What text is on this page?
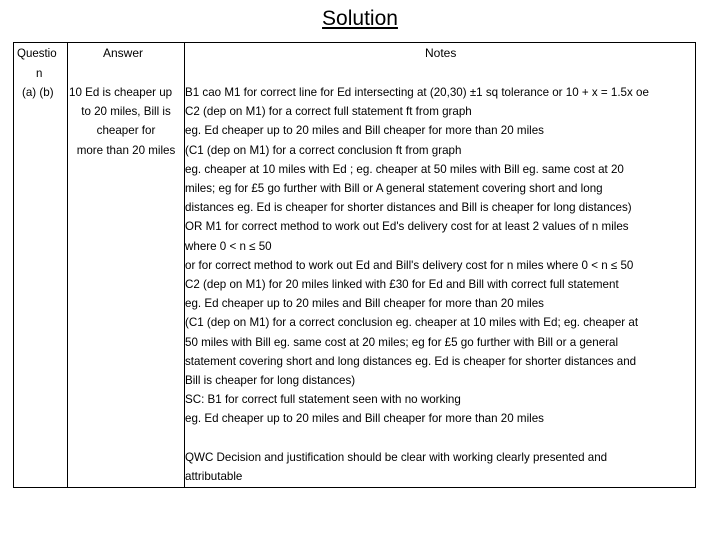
Solution
Questio
n
Answer	Notes
(a) (b) 10 Ed is cheaper up
to 20 miles, Bill is
cheaper for
more than 20 miles
B1 cao M1 for correct line for Ed intersecting at (20,30) ±1 sq tolerance or 10 + x = 1.5x oe
C2 (dep on M1) for a correct full statement ft from graph
eg. Ed cheaper up to 20 miles and Bill cheaper for more than 20 miles
(C1 (dep on M1) for a correct conclusion ft from graph
eg. cheaper at 10 miles with Ed ; eg. cheaper at 50 miles with Bill eg. same cost at 20
miles; eg for £5 go further with Bill or A general statement covering short and long
distances eg. Ed is cheaper for shorter distances and Bill is cheaper for long distances)
OR M1 for correct method to work out Ed's delivery cost for at least 2 values of n miles
where 0 < n ≤ 50
or for correct method to work out Ed and Bill's delivery cost for n miles where 0 < n ≤ 50
C2 (dep on M1) for 20 miles linked with £30 for Ed and Bill with correct full statement
eg. Ed cheaper up to 20 miles and Bill cheaper for more than 20 miles
(C1 (dep on M1) for a correct conclusion eg. cheaper at 10 miles with Ed; eg. cheaper at
50 miles with Bill eg. same cost at 20 miles; eg for £5 go further with Bill or a general
statement covering short and long distances eg. Ed is cheaper for shorter distances and
Bill is cheaper for long distances)
SC: B1 for correct full statement seen with no working
eg. Ed cheaper up to 20 miles and Bill cheaper for more than 20 miles
QWC Decision and justification should be clear with working clearly presented and
attributable
